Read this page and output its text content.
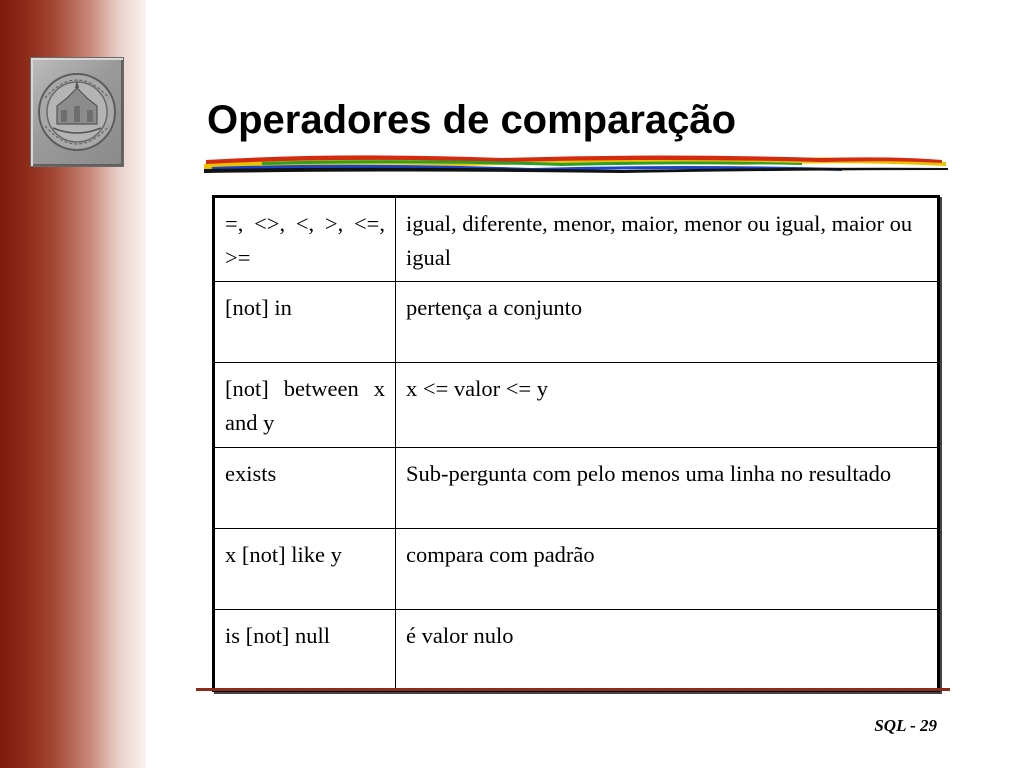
Operadores de comparação
=, <>, <, >, <=, >=	igual, diferente, menor, maior, menor ou igual, maior ou igual
[not] in	pertença a conjunto
[not] between x and y	x <= valor <= y
exists	Sub-pergunta com pelo menos uma linha no resultado
x [not] like y	compara com padrão
is [not] null	é valor nulo
SQL - 29
